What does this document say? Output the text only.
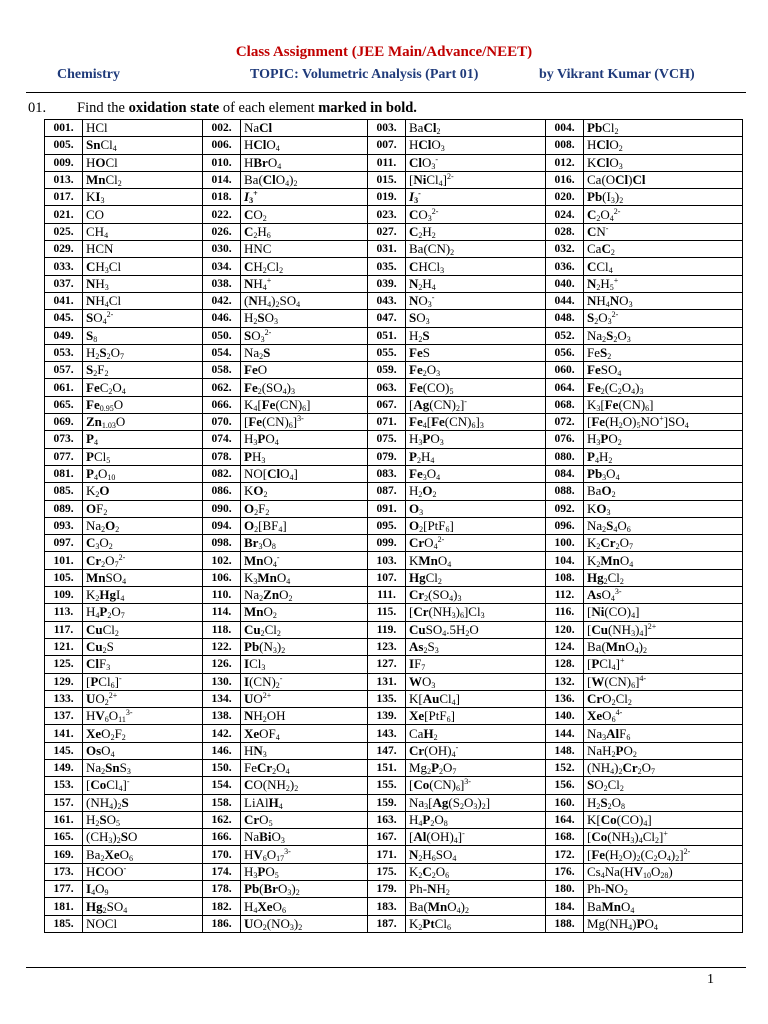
Class Assignment (JEE Main/Advance/NEET)
Chemistry	TOPIC: Volumetric Analysis (Part 01)	by Vikrant Kumar (VCH)
01. Find the oxidation state of each element marked in bold.
001.	HCl	002.	NaCl	003.	BaCl$_2$	004.	PbCl$_2$
005.	SnCl$_4$	006.	HClO$_4$	007.	HClO$_3$	008.	HClO$_2$
009.	HOCl	010.	HBrO$_4$	011.	ClO$_3$-	012.	KClO$_3$
013.	MnCl$_2$	014.	$Ba(ClO_4)_2$	015.	[NiCl$_4$]$^{2-}$	016.	Ca(OCl)Cl
017.	$KI_3$	018.	$I_3^+$	019.	$I_3^-$	020.	$Pb(I_3)_2$
021.	CO	022.	$CO_2$	023.	$CO_3^{2-}$	024.	$C_2O_4^{2-}$
025.	$CH_4$	026.	$C_2H_6$	027.	$C_2H_2$	028.	CN-
029.	HCN	030.	HNC	031.	$Ba(CN)_2$	032.	CaC$_2$
033.	$CH_3Cl$	034.	$CH_2Cl_2$	035.	CHCl$_3$	036.	CCl$_4$
037.	$NH_3$	038.	$NH_4^+$	039.	$N_2H_4$	040.	$N_2H_5^+$
041.	$NH_4Cl$	042.	$(NH_4)_2SO_4$	043.	$NO_3^-$	044.	$NH_4NO_3$
045.	$SO_4^{2-}$	046.	$H_2SO_3$	047.	$SO_3$	048.	$S_2O_3^{2-}$
049.	$S_8$	050.	$SO_3^{2-}$	051.	$H_2S$	052.	$Na_2S_2O_3$
053.	$H_2S_2O_7$	054.	$Na_2S$	055.	FeS	056.	FeS$_2$
057.	$S_2F_2$	058.	FeO	059.	$Fe_2O_3$	060.	FeSO$_4$
061.	$FeC_2O_4$	062.	$Fe_2(SO_4)_3$	063.	$Fe(CO)_5$	064.	$Fe_2(C_2O_4)_3$
065.	$Fe_{0.95}O$	066.	$K_4[Fe(CN)_6]$	067.	$[Ag(CN)_2]^-$	068.	$K_3[Fe(CN)_6]$
069.	$Zn_{1.03}O$	070.	$[Fe(CN)_6]^{3-}$	071.	$Fe_4[Fe(CN)_6]_3$	072.	$[Fe(H_2O)_5NO^+]SO_4$
073.	$P_4$	074.	$H_3PO_4$	075.	$H_3PO_3$	076.	$H_3PO_2$
077.	PCl$_5$	078.	$PH_3$	079.	$P_2H_4$	080.	$P_4H_2$
081.	$P_4O_{10}$	082.	NO[ClO$_4$]	083.	$Fe_3O_4$	084.	$Pb_3O_4$
085.	$K_2O$	086.	$KO_2$	087.	$H_2O_2$	088.	BaO$_2$
089.	$OF_2$	090.	$O_2F_2$	091.	$O_3$	092.	$KO_3$
093.	$Na_2O_2$	094.	$O_2[BF_4]$	095.	$O_2[PtF_6]$	096.	$Na_2S_4O_6$
097.	$C_3O_2$	098.	$Br_3O_8$	099.	CrO$_4^{2-}$	100.	$K_2Cr_2O_7$
101.	$Cr_2O_7^{2-}$	102.	MnO$_4$-	103.	KMnO$_4$	104.	$K_2MnO_4$
105.	MnSO$_4$	106.	$K_3MnO_4$	107.	HgCl$_2$	108.	$Hg_2Cl_2$
109.	$K_2HgI_4$	110.	$Na_2ZnO_2$	111.	$Cr_2(SO_4)_3$	112.	AsO$_4^{3-}$
113.	$H_4P_2O_7$	114.	MnO$_2$	115.	$[Cr(NH_3)_6]Cl_3$	116.	$[Ni(CO)_4]$
117.	CuCl$_2$	118.	$Cu_2Cl_2$	119.	$CuSO_4.5H_2O$	120.	$[Cu(NH_3)_4]^{2+}$
121.	$Cu_2S$	122.	$Pb(N_3)_2$	123.	$As_2S_3$	124.	$Ba(MnO_4)_2$
125.	ClF$_3$	126.	ICl$_3$	127.	$IF_7$	128.	[PCl$_4$]+
129.	[PCl$_6$]-	130.	$I(CN)_2^-$	131.	$WO_3$	132.	$[W(CN)_6]^{4-}$
133.	$UO_2^{2+}$	134.	$UO^{2+}$	135.	K[AuCl$_4$]	136.	$CrO_2Cl_2$
137.	$HV_6O_{11}^{3-}$	138.	$NH_2OH$	139.	Xe[PtF$_6$]	140.	XeO$_6^{4-}$
141.	$XeO_2F_2$	142.	XeOF$_4$	143.	CaH$_2$	144.	$Na_3AlF_6$
145.	OsO$_4$	146.	$HN_3$	147.	$Cr(OH)_4^-$	148.	$NaH_2PO_2$
149.	$Na_2SnS_3$	150.	$FeCr_2O_4$	151.	$Mg_2P_2O_7$	152.	$(NH_4)_2Cr_2O_7$
153.	[CoCl$_4$]-	154.	$CO(NH_2)_2$	155.	$[Co(CN)_6]^{3-}$	156.	$SO_2Cl_2$
157.	$(NH_4)_2S$	158.	LiAlH$_4$	159.	$Na_3[Ag(S_2O_3)_2]$	160.	$H_2S_2O_8$
161.	$H_2SO_5$	162.	CrO$_5$	163.	$H_4P_2O_8$	164.	$K[Co(CO)_4]$
165.	$(CH_3)_2SO$	166.	NaBiO$_3$	167.	$[Al(OH)_4]^-$	168.	$[Co(NH_3)_4Cl_2]^+$
169.	$Ba_2XeO_6$	170.	$HV_6O_{17}^{3-}$	171.	$N_2H_6SO_4$	172.	$[Fe(H_2O)_2(C_2O_4)_2]^{2-}$
173.	HCOO-	174.	$H_3PO_5$	175.	$K_2C_2O_6$	176.	$Cs_4Na(HV_{10}O_{28})$
177.	$I_4O_9$	178.	$Pb(BrO_3)_2$	179.	$Ph-NH_2$	180.	$Ph-NO_2$
181.	$Hg_2SO_4$	182.	$H_4XeO_6$	183.	$Ba(MnO_4)_2$	184.	BaMnO$_4$
185.	NOCl	186.	$UO_2(NO_3)_2$	187.	$K_2PtCl_6$	188.	$Mg(NH_4)PO_4$
1
